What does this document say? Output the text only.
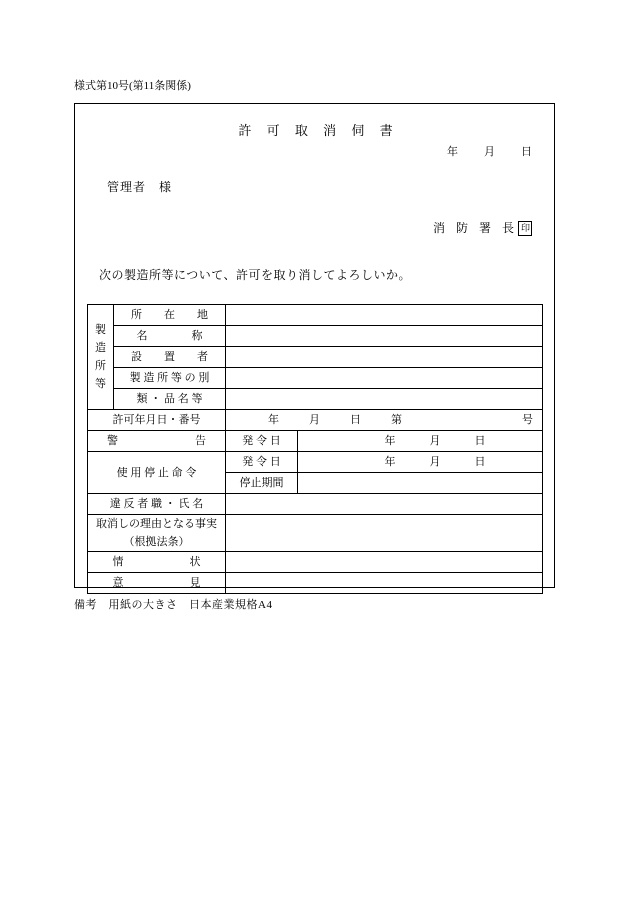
様式第10号(第11条関係)
許 可 取 消 伺 書
年 月 日
管理者　様
消 防 署 長 印
次の製造所等について、許可を取り消してよろしいか。
製
造
所
等	所　　在　　地		
	名　　　　称		
	設　　置　　者		
	製 造 所 等 の 別		
	類 ・ 品 名 等		
許可年月日・番号		年 月 日 第 号	

警　　　　　　　告		発 令 日	年 月 日

使 用 停 止 命 令		発 令 日	年 月 日

		停止期間	
違 反 者 職 ・ 氏 名			
取消しの理由となる事実
（根拠法条）			

情　　　　　　状			
意　　　　　　見			
備考　用紙の大きさ　日本産業規格A4
